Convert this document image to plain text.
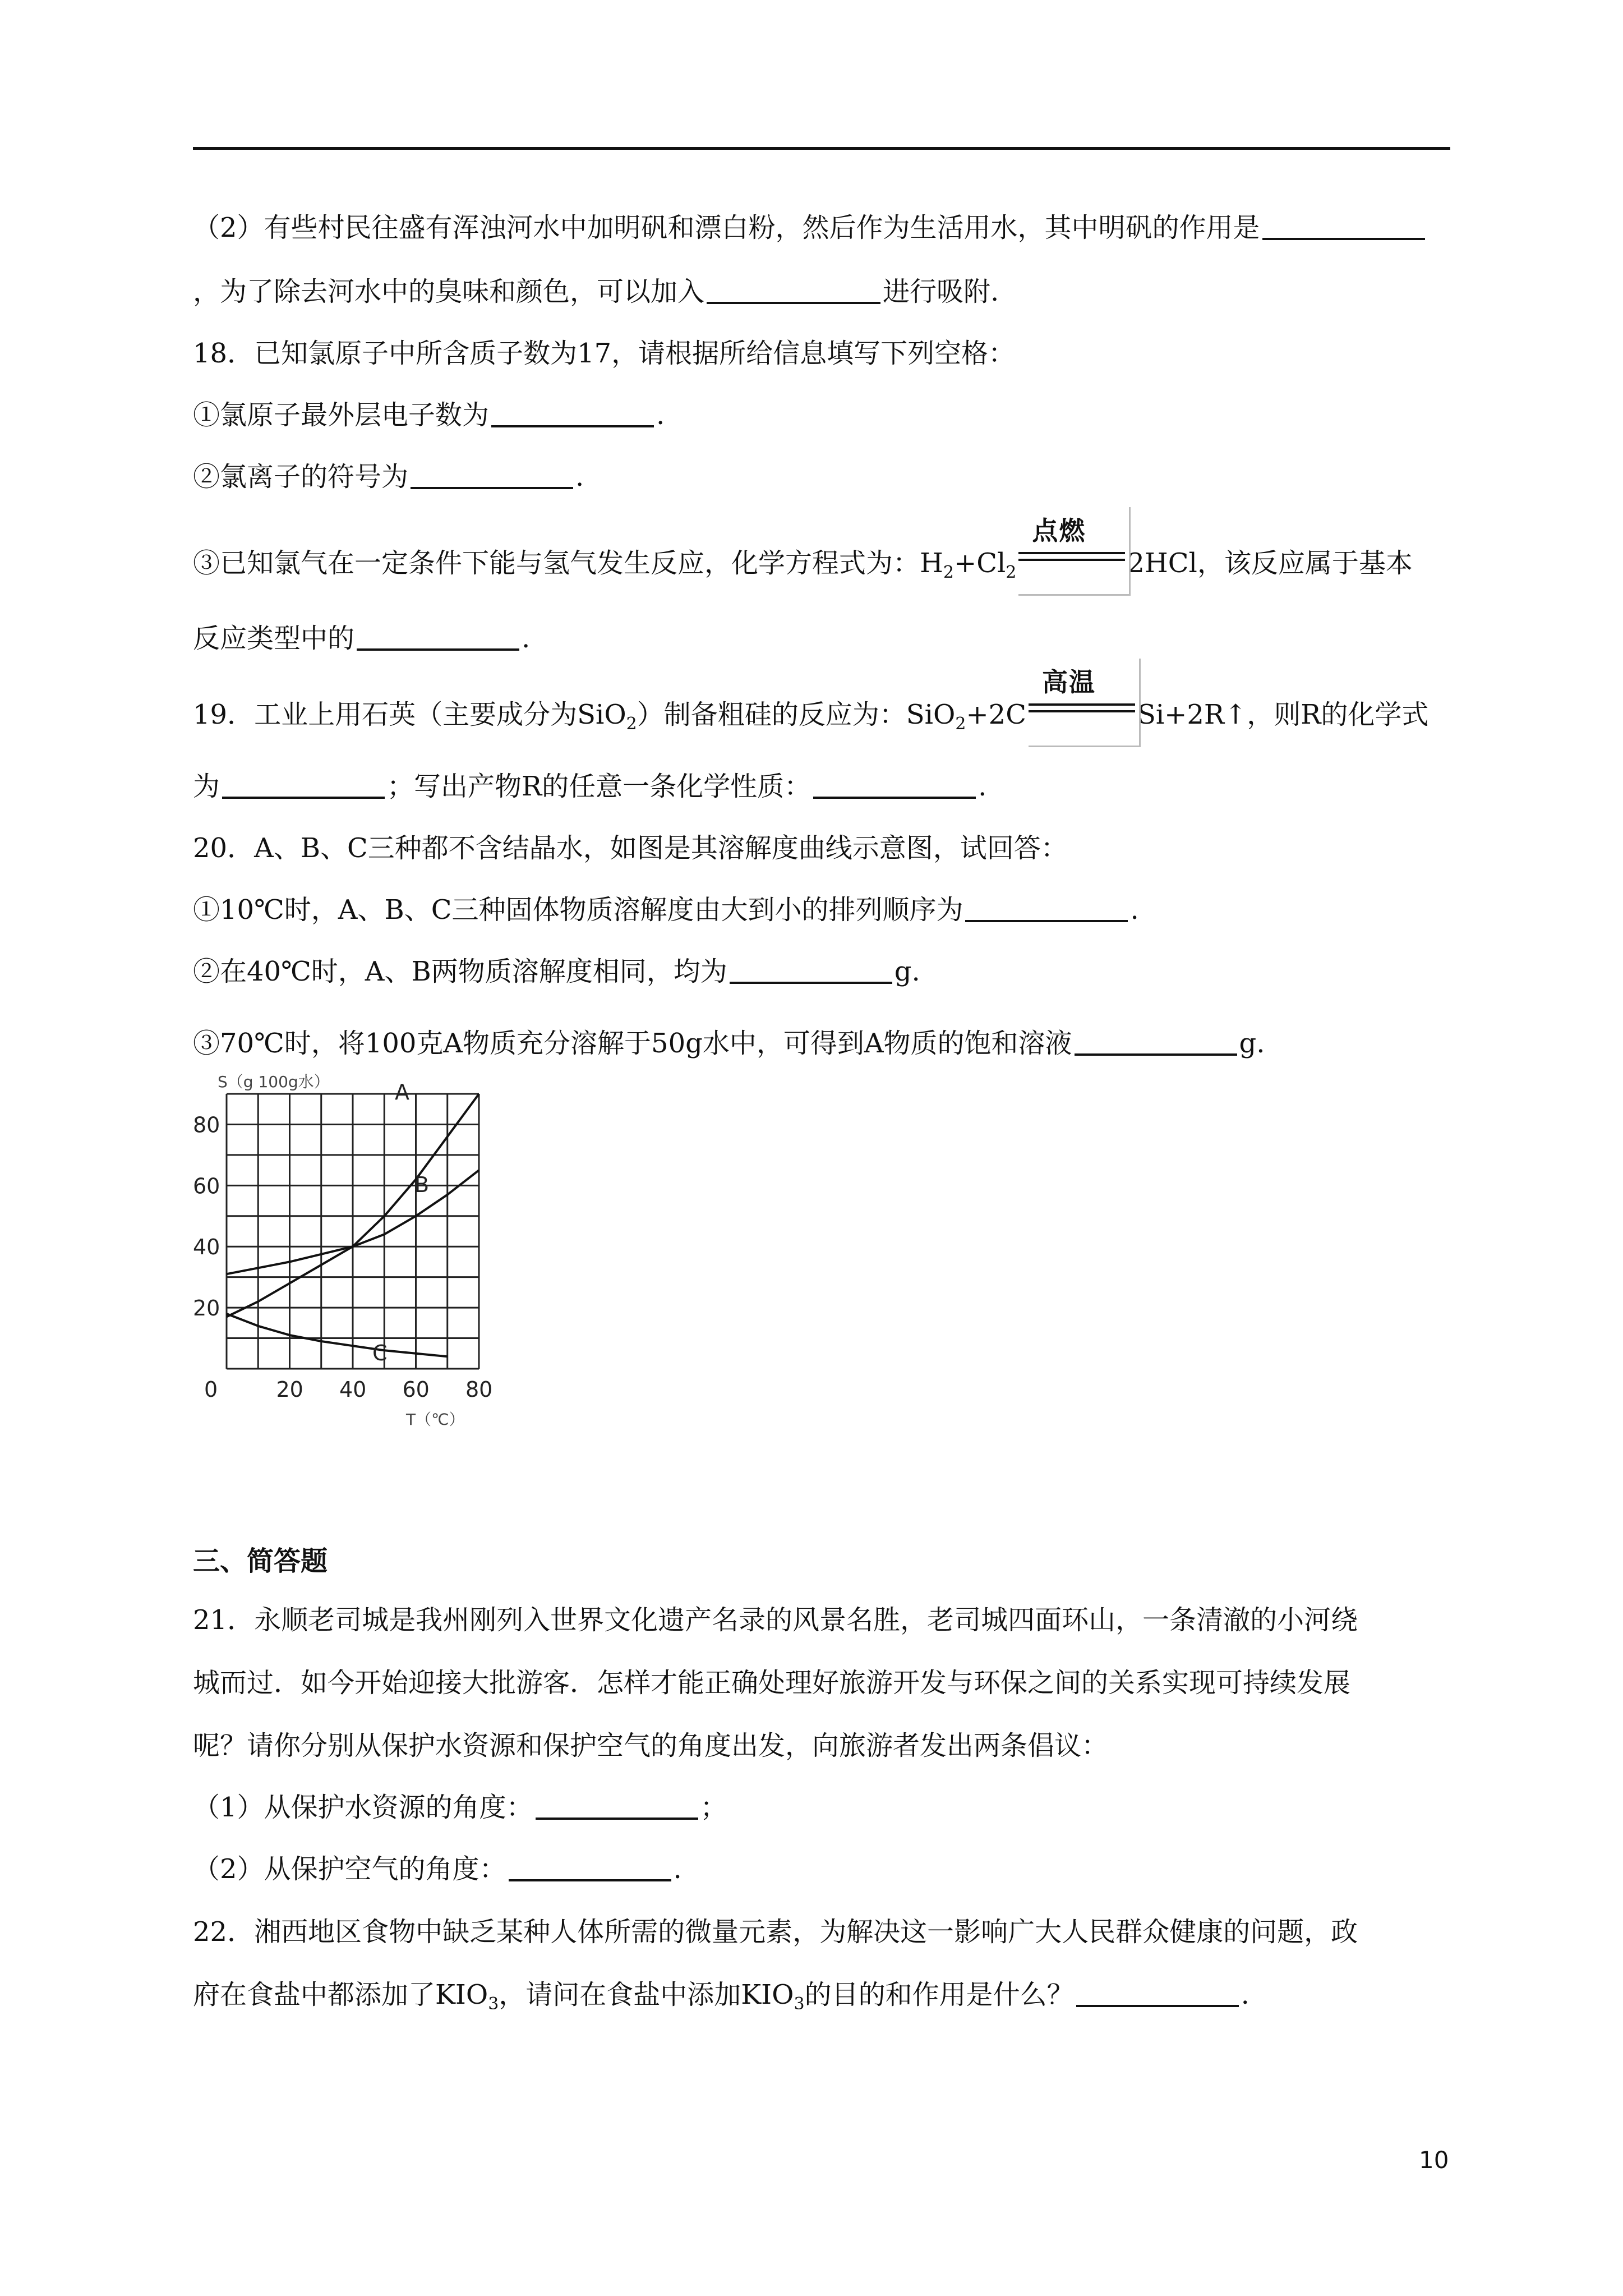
（2）有些村民往盛有浑浊河水中加明矾和漂白粉，然后作为生活用水，其中明矾的作用是
，为了除去河水中的臭味和颜色，可以加入	进行吸附.
18．已知氯原子中所含质子数为17，请根据所给信息填写下列空格：
①氯原子最外层电子数为	.
②氯离子的符号为	.
③已知氯气在一定条件下能与氢气发生反应，化学方程式为：$H_2+Cl_2$
点燃
2HCl，该反应属于基本
反应类型中的	.
19．工业上用石英（主要成分为SiO$_2$）制备粗硅的反应为：SiO$_2$+2C
高温
Si+2R↑，则R的化学式
为	；写出产物R的任意一条化学性质：	.
20．A、B、C三种都不含结晶水，如图是其溶解度曲线示意图，试回答：
①10℃时，A、B、C三种固体物质溶解度由大到小的排列顺序为	.
②在40℃时，A、B两物质溶解度相同，均为	g.
③70℃时，将100克A物质充分溶解于50g水中，可得到A物质的饱和溶液	g.
S（g 100g水）
T（℃）
0	20 40 60 80
20
40
60
80
A
B
C
三、简答题
21．永顺老司城是我州刚列入世界文化遗产名录的风景名胜，老司城四面环山，一条清澈的小河绕
城而过．如今开始迎接大批游客．怎样才能正确处理好旅游开发与环保之间的关系实现可持续发展
呢？请你分别从保护水资源和保护空气的角度出发，向旅游者发出两条倡议：
（1）从保护水资源的角度：	；
（2）从保护空气的角度：	.
22．湘西地区食物中缺乏某种人体所需的微量元素，为解决这一影响广大人民群众健康的问题，政
府在食盐中都添加了$KIO_3$，请问在食盐中添加$KIO_3$的目的和作用是什么？	.
10
